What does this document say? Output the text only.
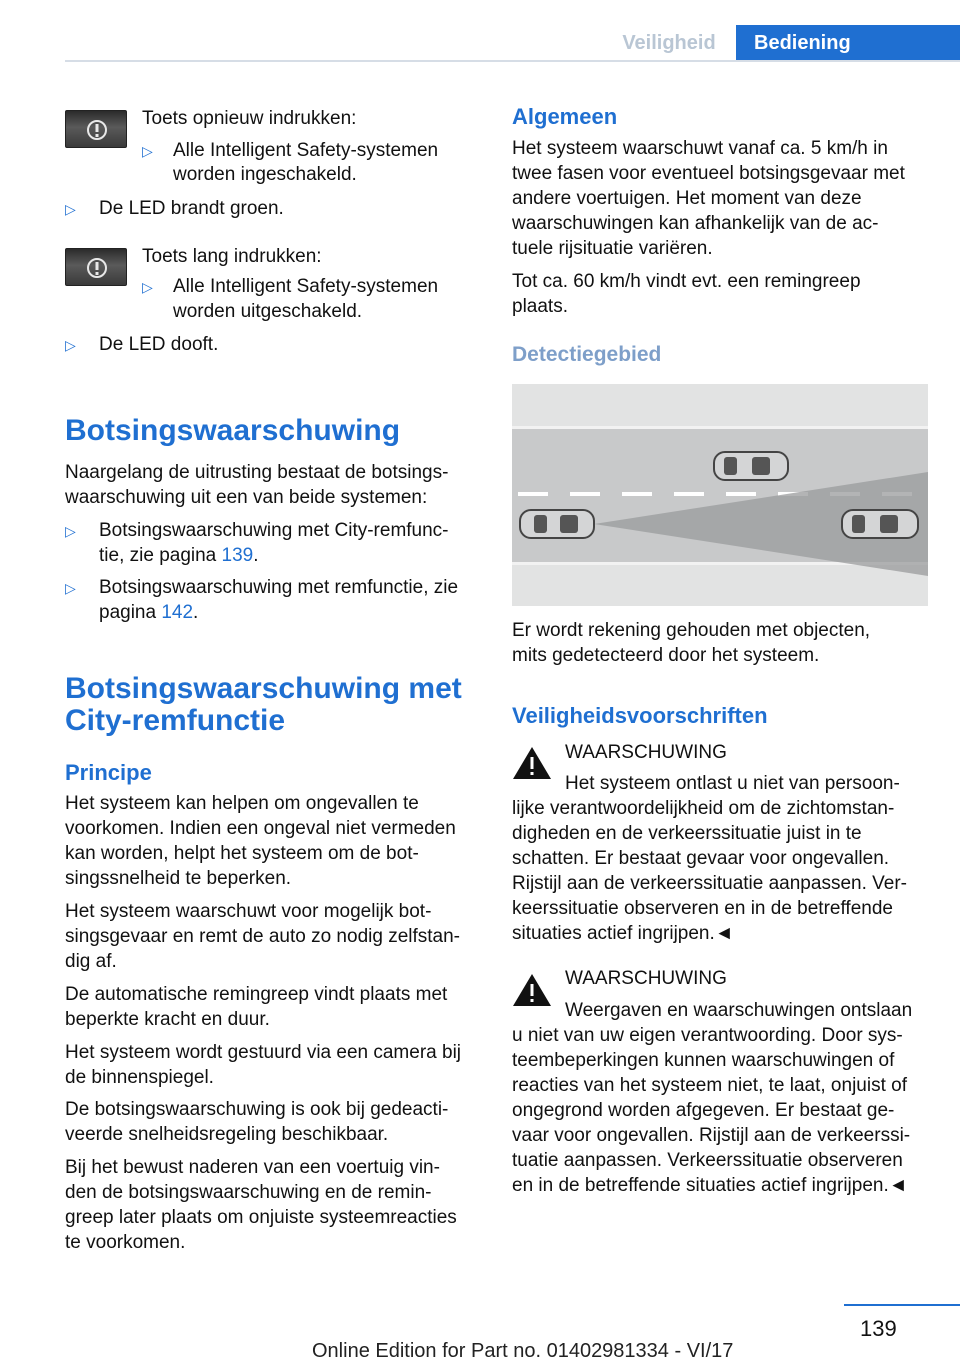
Veiligheid	Bediening
Toets opnieuw indrukken:
▷ Alle Intelligent Safety-systemen
worden ingeschakeld.
▷ De LED brandt groen.
Toets lang indrukken:
▷ Alle Intelligent Safety-systemen
worden uitgeschakeld.
▷ De LED dooft.
Botsingswaarschuwing
Naargelang de uitrusting bestaat de botsings-
waarschuwing uit een van beide systemen:
▷ Botsingswaarschuwing met City-remfunc-
tie, zie pagina 139.
▷ Botsingswaarschuwing met remfunctie, zie
pagina 142.
Botsingswaarschuwing met
City-remfunctie
Principe
Het systeem kan helpen om ongevallen te
voorkomen. Indien een ongeval niet vermeden
kan worden, helpt het systeem om de bot-
singssnelheid te beperken.
Het systeem waarschuwt voor mogelijk bot-
singsgevaar en remt de auto zo nodig zelfstan-
dig af.
De automatische remingreep vindt plaats met
beperkte kracht en duur.
Het systeem wordt gestuurd via een camera bij
de binnenspiegel.
De botsingswaarschuwing is ook bij gedeacti-
veerde snelheidsregeling beschikbaar.
Bij het bewust naderen van een voertuig vin-
den de botsingswaarschuwing en de remin-
greep later plaats om onjuiste systeemreacties
te voorkomen.
Algemeen
Het systeem waarschuwt vanaf ca. 5 km/h in
twee fasen voor eventueel botsingsgevaar met
andere voertuigen. Het moment van deze
waarschuwingen kan afhankelijk van de ac-
tuele rijsituatie variëren.
Tot ca. 60 km/h vindt evt. een remingreep
plaats.
Detectiegebied
Er wordt rekening gehouden met objecten,
mits gedetecteerd door het systeem.
Veiligheidsvoorschriften
WAARSCHUWING
Het systeem ontlast u niet van persoon-
lijke verantwoordelijkheid om de zichtomstan-
digheden en de verkeerssituatie juist in te
schatten. Er bestaat gevaar voor ongevallen.
Rijstijl aan de verkeerssituatie aanpassen. Ver-
keerssituatie observeren en in de betreffende
situaties actief ingrijpen.◄
WAARSCHUWING
Weergaven en waarschuwingen ontslaan
u niet van uw eigen verantwoording. Door sys-
teembeperkingen kunnen waarschuwingen of
reacties van het systeem niet, te laat, onjuist of
ongegrond worden afgegeven. Er bestaat ge-
vaar voor ongevallen. Rijstijl aan de verkeerssi-
tuatie aanpassen. Verkeerssituatie observeren
en in de betreffende situaties actief ingrijpen.◄
139
Online Edition for Part no. 01402981334 - VI/17
